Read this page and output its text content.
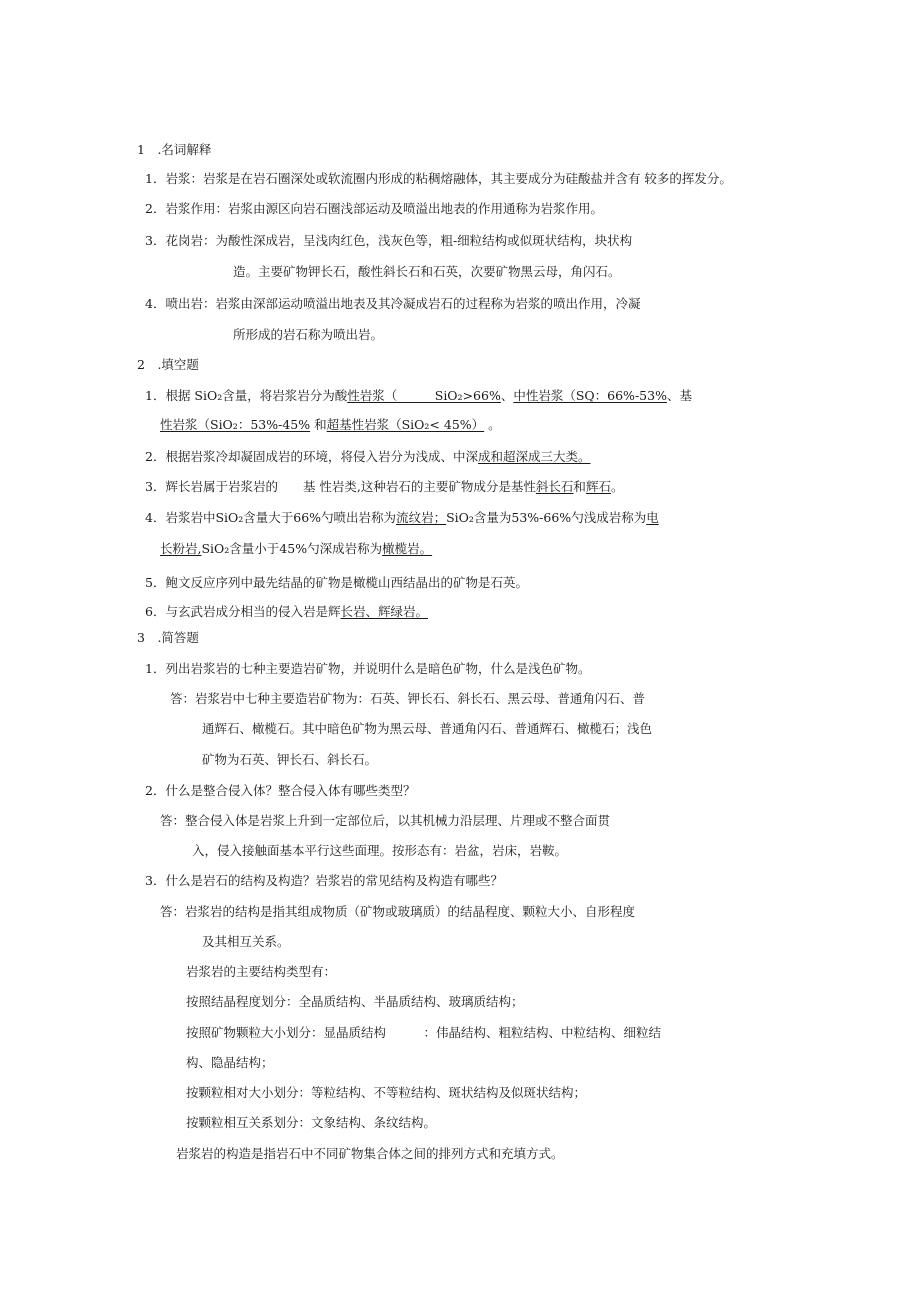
1　.名词解释
1．岩浆：岩浆是在岩石圈深处或软流圈内形成的粘稠熔融体，其主要成分为硅酸盐并含有 较多的挥发分。
2．岩浆作用：岩浆由源区向岩石圈浅部运动及喷溢出地表的作用通称为岩浆作用。
3．花岗岩：为酸性深成岩，呈浅肉红色，浅灰色等，粗-细粒结构或似斑状结构，块状构
造。主要矿物钾长石，酸性斜长石和石英，次要矿物黑云母，角闪石。
4．喷出岩：岩浆由深部运动喷溢出地表及其冷凝成岩石的过程称为岩浆的喷出作用，冷凝
所形成的岩石称为喷出岩。
2　.填空题
1．根据 SiO₂含量，将岩浆岩分为酸性岩浆（　　　SiO₂>66%、中性岩浆（SQ：66%-53%、基
性岩浆（SiO₂：53%-45% 和超基性岩浆（SiO₂< 45%） 。
2．根据岩浆冷却凝固成岩的环境，将侵入岩分为浅成、中深成和超深成三大类。
3．辉长岩属于岩浆岩的　　基 性岩类,这种岩石的主要矿物成分是基性斜长石和辉石。
4．岩浆岩中SiO₂含量大于66%勺喷出岩称为流纹岩；SiO₂含量为53%-66%勺浅成岩称为电
长粉岩,SiO₂含量小于45%勺深成岩称为橄榄岩。
5．鲍文反应序列中最先结晶的矿物是橄榄山西结晶出的矿物是石英。
6．与玄武岩成分相当的侵入岩是辉长岩、辉绿岩。
3　.简答题
1．列出岩浆岩的七种主要造岩矿物，并说明什么是暗色矿物，什么是浅色矿物。
答：岩浆岩中七种主要造岩矿物为：石英、钾长石、斜长石、黑云母、普通角闪石、普
通辉石、橄榄石。其中暗色矿物为黑云母、普通角闪石、普通辉石、橄榄石；浅色
矿物为石英、钾长石、斜长石。
2．什么是整合侵入体？整合侵入体有哪些类型？
答：整合侵入体是岩浆上升到一定部位后，以其机械力沿层理、片理或不整合面贯
入，侵入接触面基本平行这些面理。按形态有：岩盆，岩床，岩鞍。
3．什么是岩石的结构及构造？岩浆岩的常见结构及构造有哪些？
答：岩浆岩的结构是指其组成物质（矿物或玻璃质）的结晶程度、颗粒大小、自形程度
及其相互关系。
岩浆岩的主要结构类型有：
按照结晶程度划分：全晶质结构、半晶质结构、玻璃质结构；
按照矿物颗粒大小划分：显晶质结构　　　：伟晶结构、粗粒结构、中粒结构、细粒结
构、隐晶结构；
按颗粒相对大小划分：等粒结构、不等粒结构、斑状结构及似斑状结构；
按颗粒相互关系划分：文象结构、条纹结构。
岩浆岩的构造是指岩石中不同矿物集合体之间的排列方式和充填方式。
